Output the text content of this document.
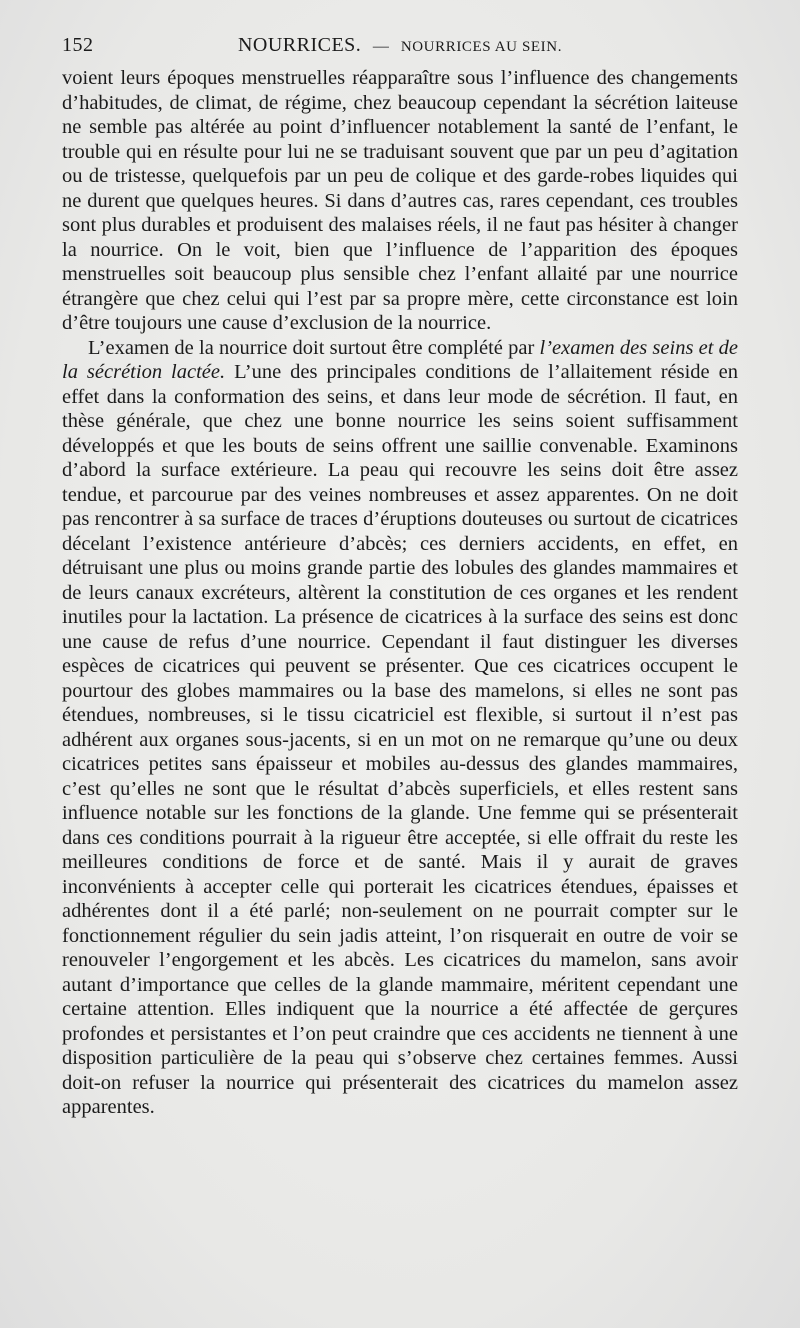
152	NOURRICES. — NOURRICES AU SEIN.

voient leurs époques menstruelles réapparaître sous l’influence des changements d’habitudes, de climat, de régime, chez beaucoup cependant la sécrétion laiteuse ne semble pas altérée au point d’influencer notablement la santé de l’enfant, le trouble qui en résulte pour lui ne se traduisant souvent que par un peu d’agitation ou de tristesse, quelquefois par un peu de colique et des garde-robes liquides qui ne durent que quelques heures. Si dans d’autres cas, rares cependant, ces troubles sont plus durables et produisent des malaises réels, il ne faut pas hésiter à changer la nourrice. On le voit, bien que l’influence de l’apparition des époques menstruelles soit beaucoup plus sensible chez l’enfant allaité par une nourrice étrangère que chez celui qui l’est par sa propre mère, cette circonstance est loin d’être toujours une cause d’exclusion de la nourrice.

L’examen de la nourrice doit surtout être complété par l’examen des seins et de la sécrétion lactée. L’une des principales conditions de l’allaitement réside en effet dans la conformation des seins, et dans leur mode de sécrétion. Il faut, en thèse générale, que chez une bonne nourrice les seins soient suffisamment développés et que les bouts de seins offrent une saillie convenable. Examinons d’abord la surface extérieure. La peau qui recouvre les seins doit être assez tendue, et parcourue par des veines nombreuses et assez apparentes. On ne doit pas rencontrer à sa surface de traces d’éruptions douteuses ou surtout de cicatrices décelant l’existence antérieure d’abcès; ces derniers accidents, en effet, en détruisant une plus ou moins grande partie des lobules des glandes mammaires et de leurs canaux excréteurs, altèrent la constitution de ces organes et les rendent inutiles pour la lactation. La présence de cicatrices à la surface des seins est donc une cause de refus d’une nourrice. Cependant il faut distinguer les diverses espèces de cicatrices qui peuvent se présenter. Que ces cicatrices occupent le pourtour des globes mammaires ou la base des mamelons, si elles ne sont pas étendues, nombreuses, si le tissu cicatriciel est flexible, si surtout il n’est pas adhérent aux organes sous-jacents, si en un mot on ne remarque qu’une ou deux cicatrices petites sans épaisseur et mobiles au-dessus des glandes mammaires, c’est qu’elles ne sont que le résultat d’abcès superficiels, et elles restent sans influence notable sur les fonctions de la glande. Une femme qui se présenterait dans ces conditions pourrait à la rigueur être acceptée, si elle offrait du reste les meilleures conditions de force et de santé. Mais il y aurait de graves inconvénients à accepter celle qui porterait les cicatrices étendues, épaisses et adhérentes dont il a été parlé; non-seulement on ne pourrait compter sur le fonctionnement régulier du sein jadis atteint, l’on risquerait en outre de voir se renouveler l’engorgement et les abcès. Les cicatrices du mamelon, sans avoir autant d’importance que celles de la glande mammaire, méritent cependant une certaine attention. Elles indiquent que la nourrice a été affectée de gerçures profondes et persistantes et l’on peut craindre que ces accidents ne tiennent à une disposition particulière de la peau qui s’observe chez certaines femmes. Aussi doit-on refuser la nourrice qui présenterait des cicatrices du mamelon assez apparentes.
